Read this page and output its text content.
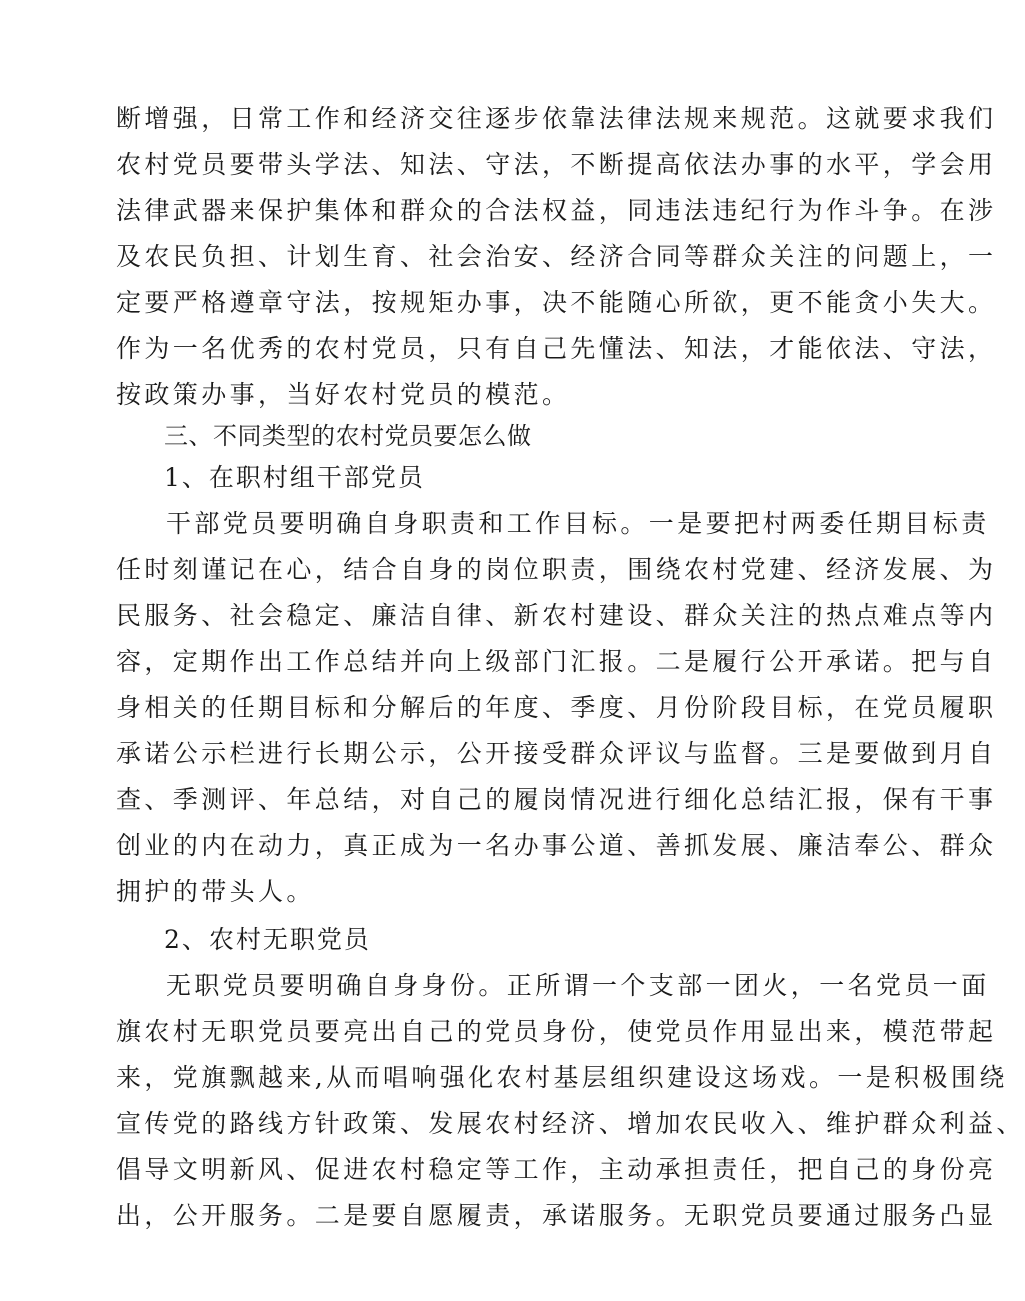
断增强，日常工作和经济交往逐步依靠法律法规来规范。这就要求我们
农村党员要带头学法、知法、守法，不断提高依法办事的水平，学会用
法律武器来保护集体和群众的合法权益，同违法违纪行为作斗争。在涉
及农民负担、计划生育、社会治安、经济合同等群众关注的问题上，一
定要严格遵章守法，按规矩办事，决不能随心所欲，更不能贪小失大。
作为一名优秀的农村党员，只有自己先懂法、知法，才能依法、守法，
按政策办事，当好农村党员的模范。
三、不同类型的农村党员要怎么做
1、在职村组干部党员
干部党员要明确自身职责和工作目标。一是要把村两委任期目标责
任时刻谨记在心，结合自身的岗位职责，围绕农村党建、经济发展、为
民服务、社会稳定、廉洁自律、新农村建设、群众关注的热点难点等内
容，定期作出工作总结并向上级部门汇报。二是履行公开承诺。把与自
身相关的任期目标和分解后的年度、季度、月份阶段目标，在党员履职
承诺公示栏进行长期公示，公开接受群众评议与监督。三是要做到月自
查、季测评、年总结，对自己的履岗情况进行细化总结汇报，保有干事
创业的内在动力，真正成为一名办事公道、善抓发展、廉洁奉公、群众
拥护的带头人。
2、农村无职党员
无职党员要明确自身身份。正所谓一个支部一团火，一名党员一面
旗农村无职党员要亮出自己的党员身份，使党员作用显出来，模范带起
来，党旗飘越来,从而唱响强化农村基层组织建设这场戏。一是积极围绕
宣传党的路线方针政策、发展农村经济、增加农民收入、维护群众利益、
倡导文明新风、促进农村稳定等工作，主动承担责任，把自己的身份亮
出，公开服务。二是要自愿履责，承诺服务。无职党员要通过服务凸显
